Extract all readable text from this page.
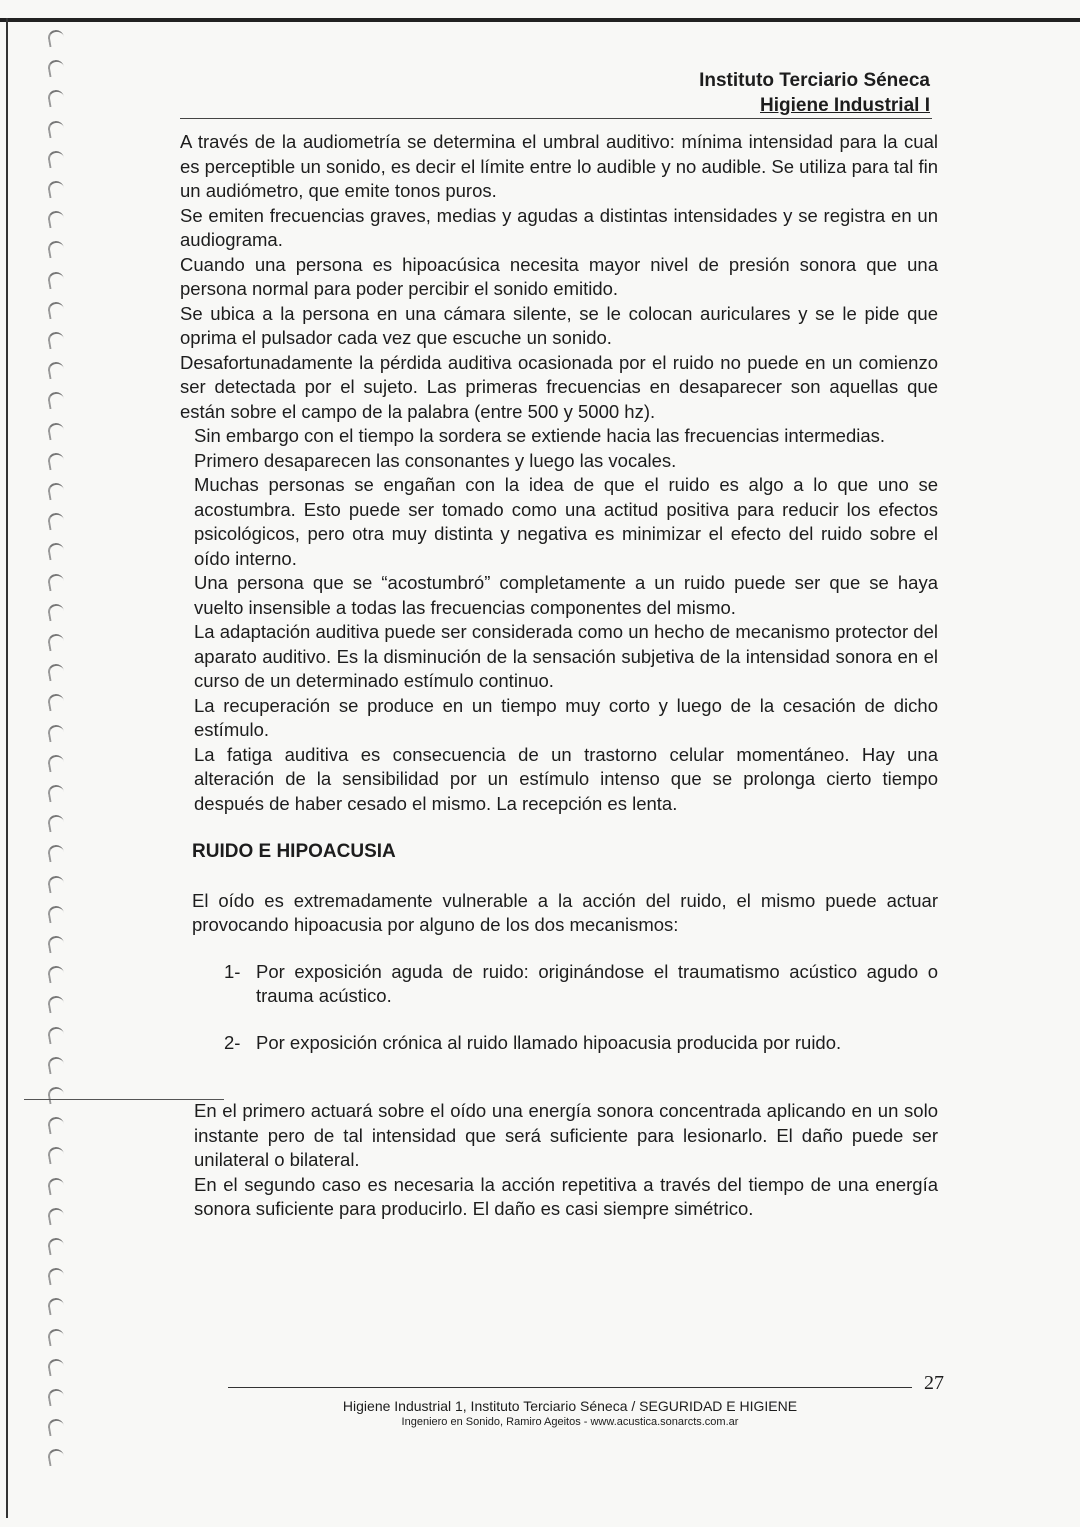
Instituto Terciario Séneca
Higiene Industrial I

A través de la audiometría se determina el umbral auditivo: mínima intensidad para la cual es perceptible un sonido, es decir el límite entre lo audible y no audible. Se utiliza para tal fin un audiómetro, que emite tonos puros.

Se emiten frecuencias graves, medias y agudas a distintas intensidades y se registra en un audiograma.

Cuando una persona es hipoacúsica necesita mayor nivel de presión sonora que una persona normal para poder percibir el sonido emitido.

Se ubica a la persona en una cámara silente, se le colocan auriculares y se le pide que oprima el pulsador cada vez que escuche un sonido.

Desafortunadamente la pérdida auditiva ocasionada por el ruido no puede en un comienzo ser detectada por el sujeto. Las primeras frecuencias en desaparecer son aquellas que están sobre el campo de la palabra (entre 500 y 5000 hz).

Sin embargo con el tiempo la sordera se extiende hacia las frecuencias intermedias.

Primero desaparecen las consonantes y luego las vocales.

Muchas personas se engañan con la idea de que el ruido es algo a lo que uno se acostumbra. Esto puede ser tomado como una actitud positiva para reducir los efectos psicológicos, pero otra muy distinta y negativa es minimizar el efecto del ruido sobre el oído interno.

Una persona que se “acostumbró” completamente a un ruido puede ser que se haya vuelto insensible a todas las frecuencias componentes del mismo.

La adaptación auditiva puede ser considerada como un hecho de mecanismo protector del aparato auditivo. Es la disminución de la sensación subjetiva de la intensidad sonora en el curso de un determinado estímulo continuo.

La recuperación se produce en un tiempo muy corto y luego de la cesación de dicho estímulo.

La fatiga auditiva es consecuencia de un trastorno celular momentáneo. Hay una alteración de la sensibilidad por un estímulo intenso que se prolonga cierto tiempo después de haber cesado el mismo. La recepción es lenta.

RUIDO E HIPOACUSIA

El oído es extremadamente vulnerable a la acción del ruido, el mismo puede actuar provocando hipoacusia por alguno de los dos mecanismos:

1- Por exposición aguda de ruido: originándose el traumatismo acústico agudo o trauma acústico.
2- Por exposición crónica al ruido llamado hipoacusia producida por ruido.

En el primero actuará sobre el oído una energía sonora concentrada aplicando en un solo instante pero de tal intensidad que será suficiente para lesionarlo. El daño puede ser unilateral o bilateral.

En el segundo caso es necesaria la acción repetitiva a través del tiempo de una energía sonora suficiente para producirlo. El daño es casi siempre simétrico.

27
Higiene Industrial 1, Instituto Terciario Séneca / SEGURIDAD E HIGIENE
Ingeniero en Sonido, Ramiro Ageitos - www.acustica.sonarcts.com.ar
